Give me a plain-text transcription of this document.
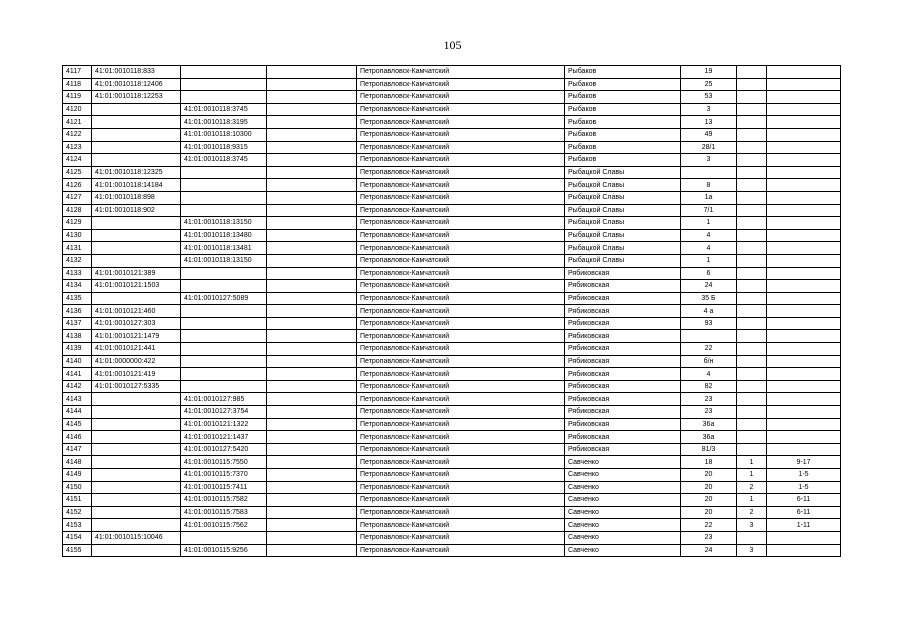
105
4117	41:01:0010118:833			Петропавловск-Камчатский	Рыбаков	19		
4118	41:01:0010118:12406			Петропавловск-Камчатский	Рыбаков	25		
4119	41:01:0010118:12253			Петропавловск-Камчатский	Рыбаков	53		
4120		41:01:0010118:3745		Петропавловск-Камчатский	Рыбаков	3		
4121		41:01:0010118:3195		Петропавловск-Камчатский	Рыбаков	13		
4122		41:01:0010118:10300		Петропавловск-Камчатский	Рыбаков	49		
4123		41:01:0010118:9315		Петропавловск-Камчатский	Рыбаков	28/1		
4124		41:01:0010118:3745		Петропавловск-Камчатский	Рыбаков	3		
4125	41:01:0010118:12325			Петропавловск-Камчатский	Рыбацкой Славы			
4126	41:01:0010118:14184			Петропавловск-Камчатский	Рыбацкой Славы	8		
4127	41:01:0010118:898			Петропавловск-Камчатский	Рыбацкой Славы	1а		
4128	41:01:0010118:902			Петропавловск-Камчатский	Рыбацкой Славы	7/1		
4129		41:01:0010118:13150		Петропавловск-Камчатский	Рыбацкой Славы	1		
4130		41:01:0010118:13480		Петропавловск-Камчатский	Рыбацкой Славы	4		
4131		41:01:0010118:13481		Петропавловск-Камчатский	Рыбацкой Славы	4		
4132		41:01:0010118:13150		Петропавловск-Камчатский	Рыбацкой Славы	1		
4133	41:01:0010121:389			Петропавловск-Камчатский	Рябиковская	6		
4134	41:01:0010121:1503			Петропавловск-Камчатский	Рябиковская	24		
4135		41:01:0010127:5089		Петропавловск-Камчатский	Рябиковская	35 Б		
4136	41:01:0010121:460			Петропавловск-Камчатский	Рябиковская	4 а		
4137	41:01:0010127:303			Петропавловск-Камчатский	Рябиковская	93		
4138	41:01:0010121:1479			Петропавловск-Камчатский	Рябиковская			
4139	41:01:0010121:441			Петропавловск-Камчатский	Рябиковская	22		
4140	41:01:0000000:422			Петропавловск-Камчатский	Рябиковская	б/н		
4141	41:01:0010121:419			Петропавловск-Камчатский	Рябиковская	4		
4142	41:01:0010127:5335			Петропавловск-Камчатский	Рябиковская	82		
4143		41:01:0010127:985		Петропавловск-Камчатский	Рябиковская	23		
4144		41:01:0010127:3754		Петропавловск-Камчатский	Рябиковская	23		
4145		41:01:0010121:1322		Петропавловск-Камчатский	Рябиковская	36а		
4146		41:01:0010121:1437		Петропавловск-Камчатский	Рябиковская	36а		
4147		41:01:0010127:5420		Петропавловск-Камчатский	Рябиковская	81/3		
4148		41:01:0010115:7550		Петропавловск-Камчатский	Савченко	18	1	9-17
4149		41:01:0010115:7370		Петропавловск-Камчатский	Савченко	20	1	1-5
4150		41:01:0010115:7411		Петропавловск-Камчатский	Савченко	20	2	1-5
4151		41:01:0010115:7582		Петропавловск-Камчатский	Савченко	20	1	6-11
4152		41:01:0010115:7583		Петропавловск-Камчатский	Савченко	20	2	6-11
4153		41:01:0010115:7562		Петропавловск-Камчатский	Савченко	22	3	1-11
4154	41:01:0010115:10046			Петропавловск-Камчатский	Савченко	23		
4155		41:01:0010115:9256		Петропавловск-Камчатский	Савченко	24	3	
